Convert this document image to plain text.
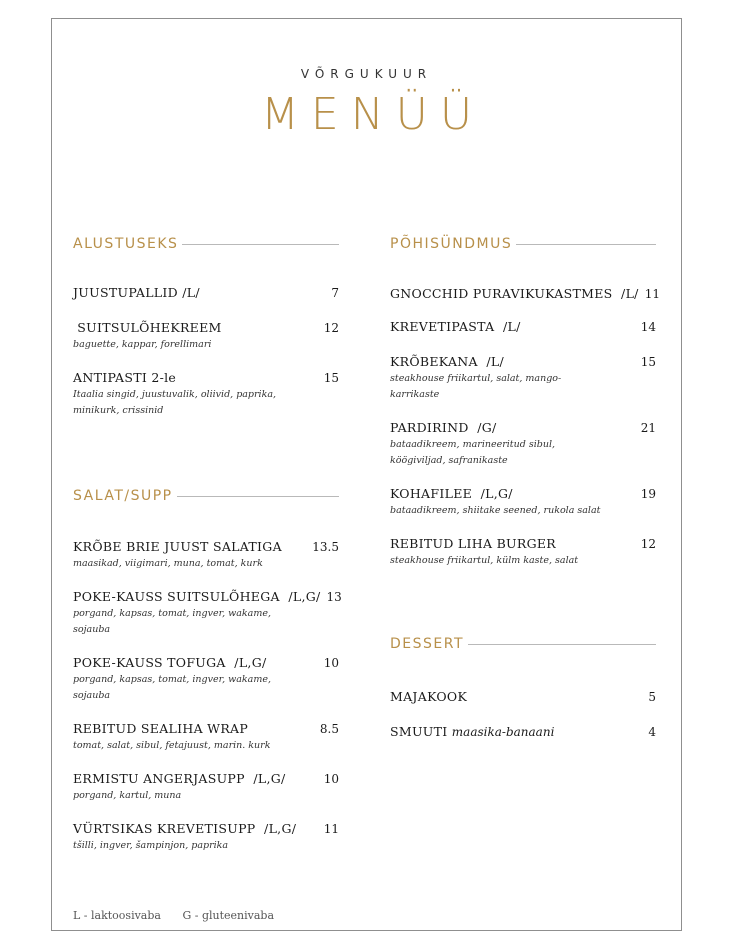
VÕRGUKUUR
MENÜÜ
ALUSTUSEKS
JUUSTUPALLID /L/	7
SUITSULÕHEKREEM	12
baguette, kappar, forellimari
ANTIPASTI 2-le	15
Itaalia singid, juustuvalik, oliivid, paprika, minikurk, crissinid
SALAT/SUPP
KRÕBE BRIE JUUST SALATIGA	13.5
maasikad, viigimari, muna, tomat, kurk
POKE-KAUSS SUITSULÕHEGA  /L,G/ 13
porgand, kapsas, tomat, ingver, wakame, sojauba
POKE-KAUSS TOFUGA  /L,G/	10
porgand, kapsas, tomat, ingver, wakame, sojauba
REBITUD SEALIHA WRAP	8.5
tomat, salat, sibul, fetajuust, marin. kurk
ERMISTU ANGERJASUPP  /L,G/	10
porgand, kartul, muna
VÜRTSIKAS KREVETISUPP  /L,G/ 11
tšilli, ingver, šampinjon, paprika
PÕHISÜNDMUS
GNOCCHID PURAVIKUKASTMES  /L/ 11
KREVETIPASTA  /L/	14
KRÕBEKANA  /L/	15
steakhouse friikartul, salat, mango-karrikaste
PARDIRIND  /G/	21
bataadikreem, marineeritud sibul, köögiviljad, safranikaste
KOHAFILEE  /L,G/	19
bataadikreem, shiitake seened, rukola salat
REBITUD LIHA BURGER	12
steakhouse friikartul, külm kaste, salat
DESSERT
MAJAKOOK	5
SMUUTI maasika-banaani	4
L - laktoosivaba G - gluteenivaba
